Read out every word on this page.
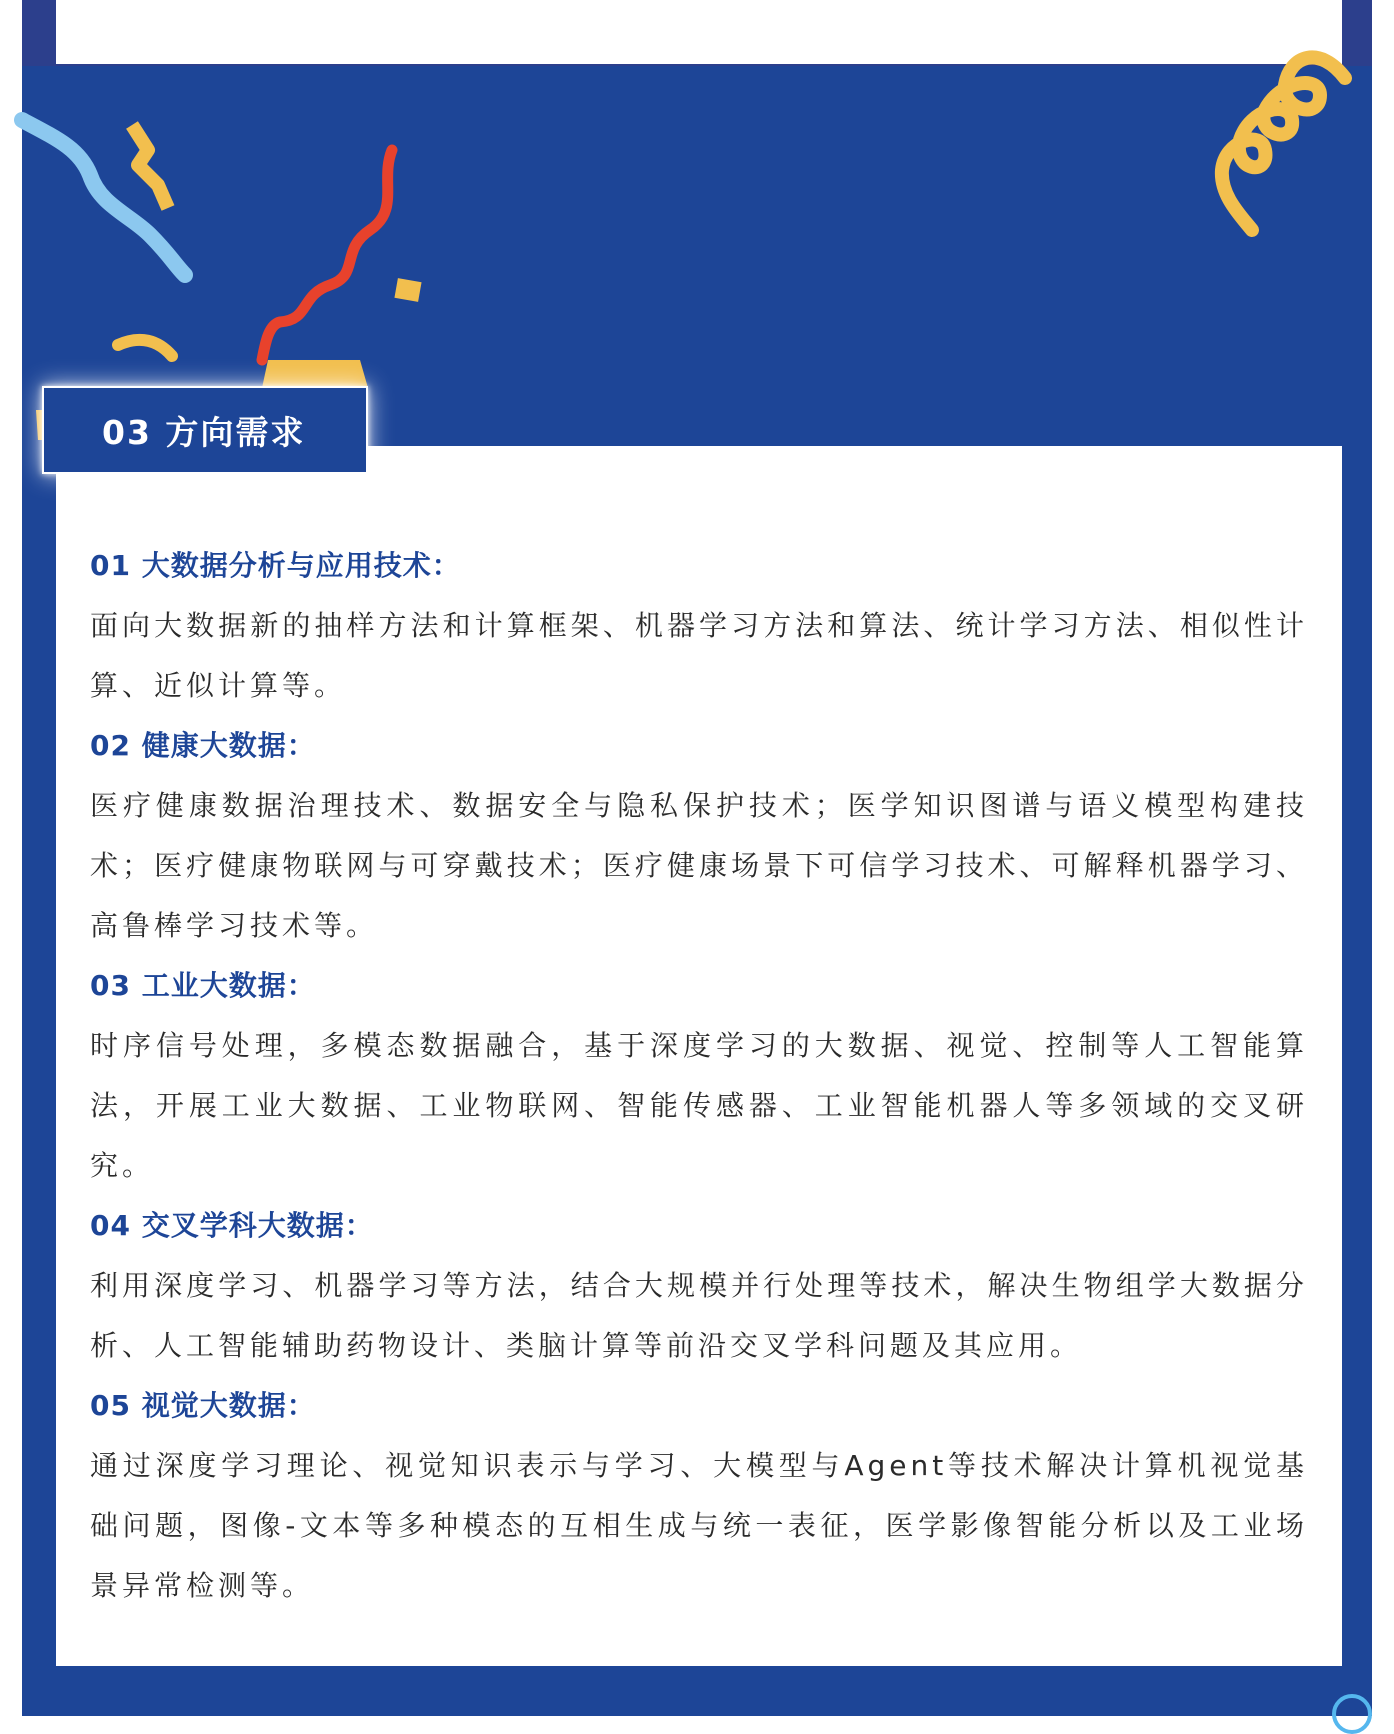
03 方向需求

01 大数据分析与应用技术：

面向大数据新的抽样方法和计算框架、机器学习方法和算法、统计学习方法、相似性计算、近似计算等。

02 健康大数据：

医疗健康数据治理技术、数据安全与隐私保护技术；医学知识图谱与语义模型构建技术；医疗健康物联网与可穿戴技术；医疗健康场景下可信学习技术、可解释机器学习、高鲁棒学习技术等。

03 工业大数据：

时序信号处理，多模态数据融合，基于深度学习的大数据、视觉、控制等人工智能算法，开展工业大数据、工业物联网、智能传感器、工业智能机器人等多领域的交叉研究。

04 交叉学科大数据：

利用深度学习、机器学习等方法，结合大规模并行处理等技术，解决生物组学大数据分析、人工智能辅助药物设计、类脑计算等前沿交叉学科问题及其应用。

05 视觉大数据：

通过深度学习理论、视觉知识表示与学习、大模型与Agent等技术解决计算机视觉基础问题，图像-文本等多种模态的互相生成与统一表征，医学影像智能分析以及工业场景异常检测等。
